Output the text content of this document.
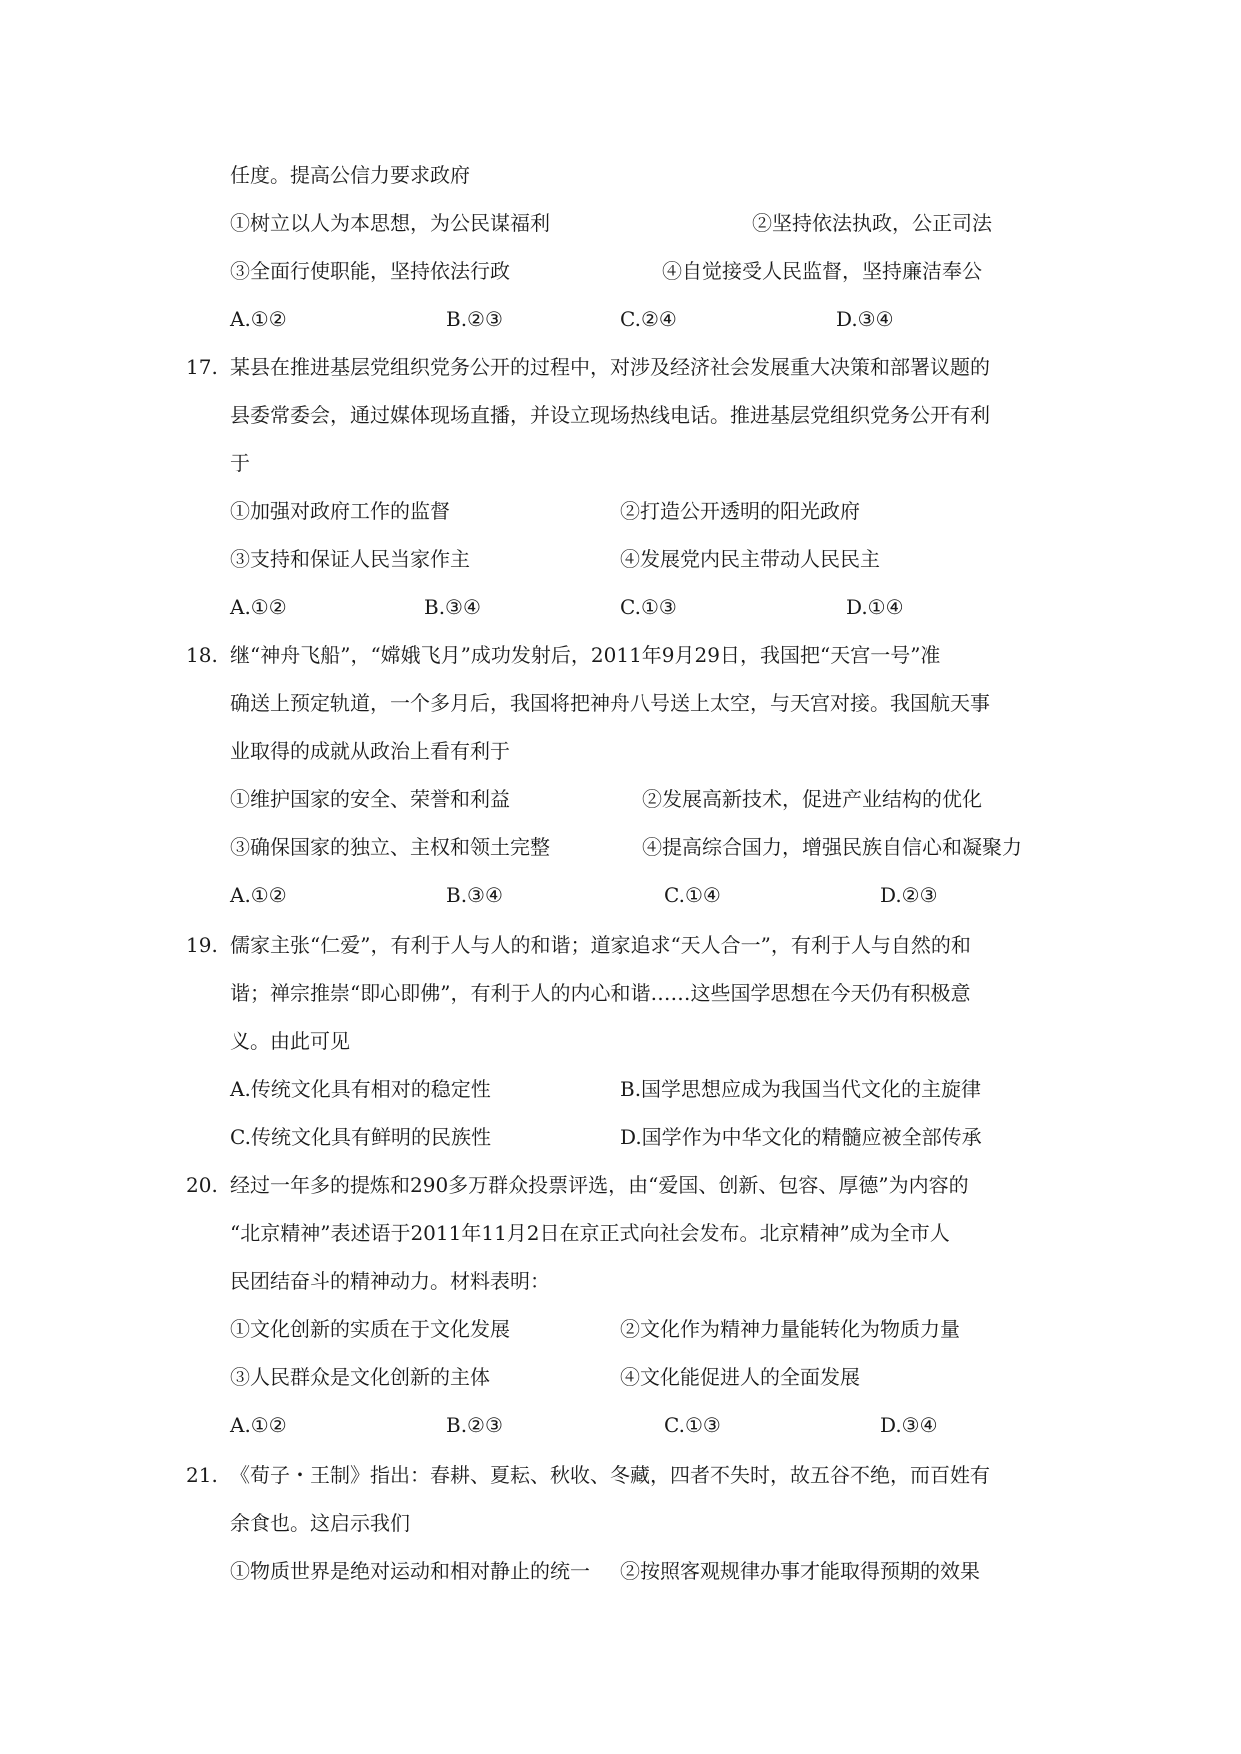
任度。提高公信力要求政府
①树立以人为本思想，为公民谋福利	②坚持依法执政，公正司法
③全面行使职能，坚持依法行政	④自觉接受人民监督，坚持廉洁奉公
A.①②	B.②③	C.②④	D.③④
17. 某县在推进基层党组织党务公开的过程中，对涉及经济社会发展重大决策和部署议题的
县委常委会，通过媒体现场直播，并设立现场热线电话。推进基层党组织党务公开有利
于
①加强对政府工作的监督	②打造公开透明的阳光政府
③支持和保证人民当家作主	④发展党内民主带动人民民主
A.①②	B.③④	C.①③	D.①④
18. 继“神舟飞船”，“嫦娥飞月”成功发射后，2011年9月29日，我国把“天宫一号”准
确送上预定轨道，一个多月后，我国将把神舟八号送上太空，与天宫对接。我国航天事
业取得的成就从政治上看有利于
①维护国家的安全、荣誉和利益	②发展高新技术，促进产业结构的优化
③确保国家的独立、主权和领土完整	④提高综合国力，增强民族自信心和凝聚力
A.①②	B.③④	C.①④	D.②③
19. 儒家主张“仁爱”，有利于人与人的和谐；道家追求“天人合一”，有利于人与自然的和
谐；禅宗推崇“即心即佛”，有利于人的内心和谐……这些国学思想在今天仍有积极意
义。由此可见
A.传统文化具有相对的稳定性	B.国学思想应成为我国当代文化的主旋律
C.传统文化具有鲜明的民族性	D.国学作为中华文化的精髓应被全部传承
20. 经过一年多的提炼和290多万群众投票评选，由“爱国、创新、包容、厚德”为内容的
“北京精神”表述语于2011年11月2日在京正式向社会发布。北京精神”成为全市人
民团结奋斗的精神动力。材料表明：
①文化创新的实质在于文化发展	②文化作为精神力量能转化为物质力量
③人民群众是文化创新的主体	④文化能促进人的全面发展
A.①②	B.②③	C.①③	D.③④
21. 《荀子・王制》指出：春耕、夏耘、秋收、冬藏，四者不失时，故五谷不绝，而百姓有
余食也。这启示我们
①物质世界是绝对运动和相对静止的统一 ②按照客观规律办事才能取得预期的效果
